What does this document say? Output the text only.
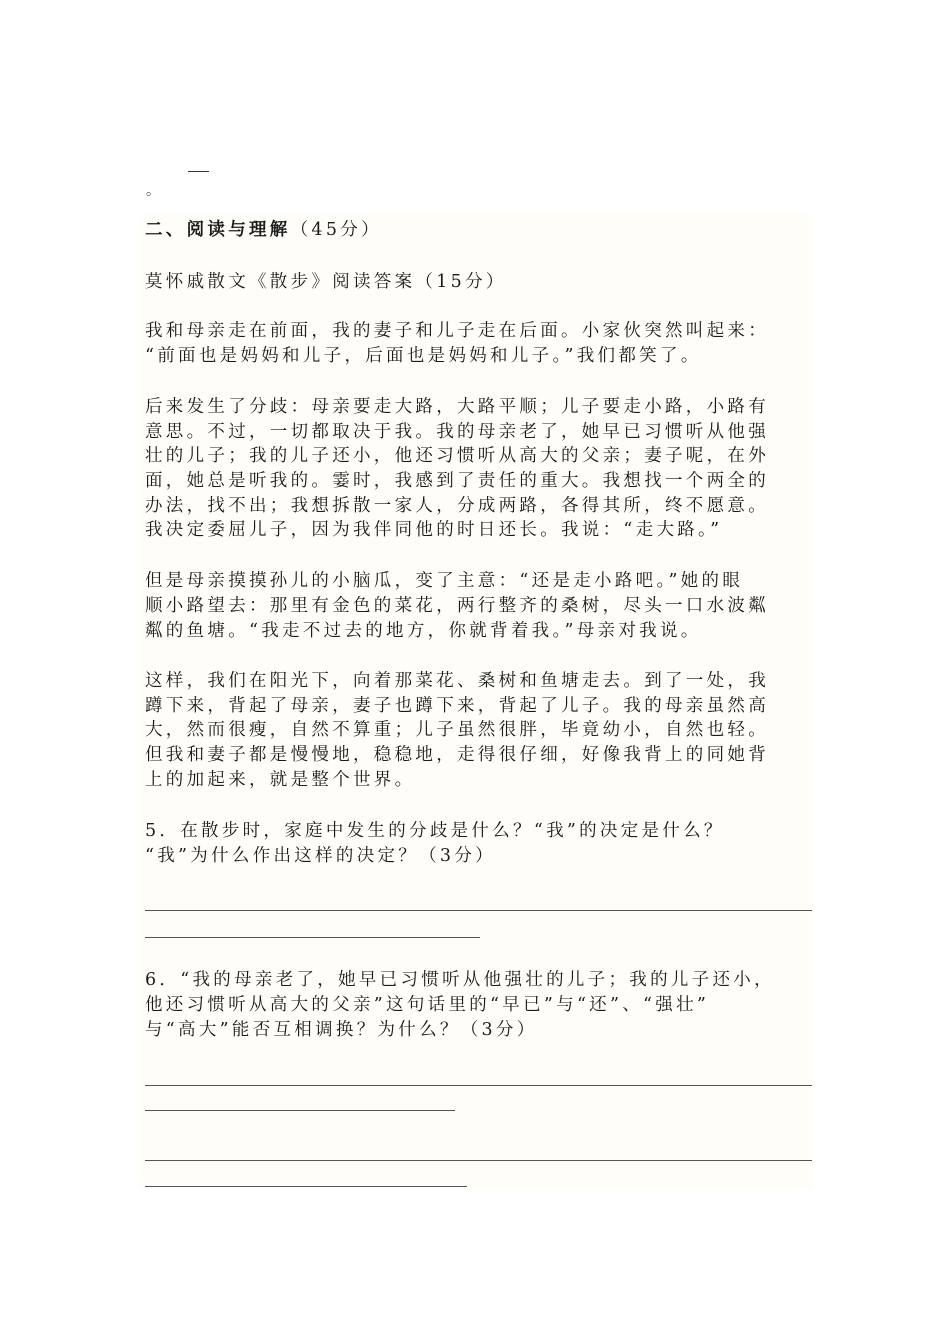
。
二、阅读与理解（45分）
莫怀戚散文《散步》阅读答案（15分）
我和母亲走在前面，我的妻子和儿子走在后面。小家伙突然叫起来：
“前面也是妈妈和儿子，后面也是妈妈和儿子。”我们都笑了。
后来发生了分歧：母亲要走大路，大路平顺；儿子要走小路，小路有
意思。不过，一切都取决于我。我的母亲老了，她早已习惯听从他强
壮的儿子；我的儿子还小，他还习惯听从高大的父亲；妻子呢，在外
面，她总是听我的。霎时，我感到了责任的重大。我想找一个两全的
办法，找不出；我想拆散一家人，分成两路，各得其所，终不愿意。
我决定委屈儿子，因为我伴同他的时日还长。我说：“走大路。”
但是母亲摸摸孙儿的小脑瓜，变了主意：“还是走小路吧。”她的眼
顺小路望去：那里有金色的菜花，两行整齐的桑树，尽头一口水波粼
粼的鱼塘。“我走不过去的地方，你就背着我。”母亲对我说。
这样，我们在阳光下，向着那菜花、桑树和鱼塘走去。到了一处，我
蹲下来，背起了母亲，妻子也蹲下来，背起了儿子。我的母亲虽然高
大，然而很瘦，自然不算重；儿子虽然很胖，毕竟幼小，自然也轻。
但我和妻子都是慢慢地，稳稳地，走得很仔细，好像我背上的同她背
上的加起来，就是整个世界。
5．在散步时，家庭中发生的分歧是什么？“我”的决定是什么？
“我”为什么作出这样的决定？（3分）
6．“我的母亲老了，她早已习惯听从他强壮的儿子；我的儿子还小，
他还习惯听从高大的父亲”这句话里的“早已”与“还”、“强壮”
与“高大”能否互相调换？为什么？（3分）
